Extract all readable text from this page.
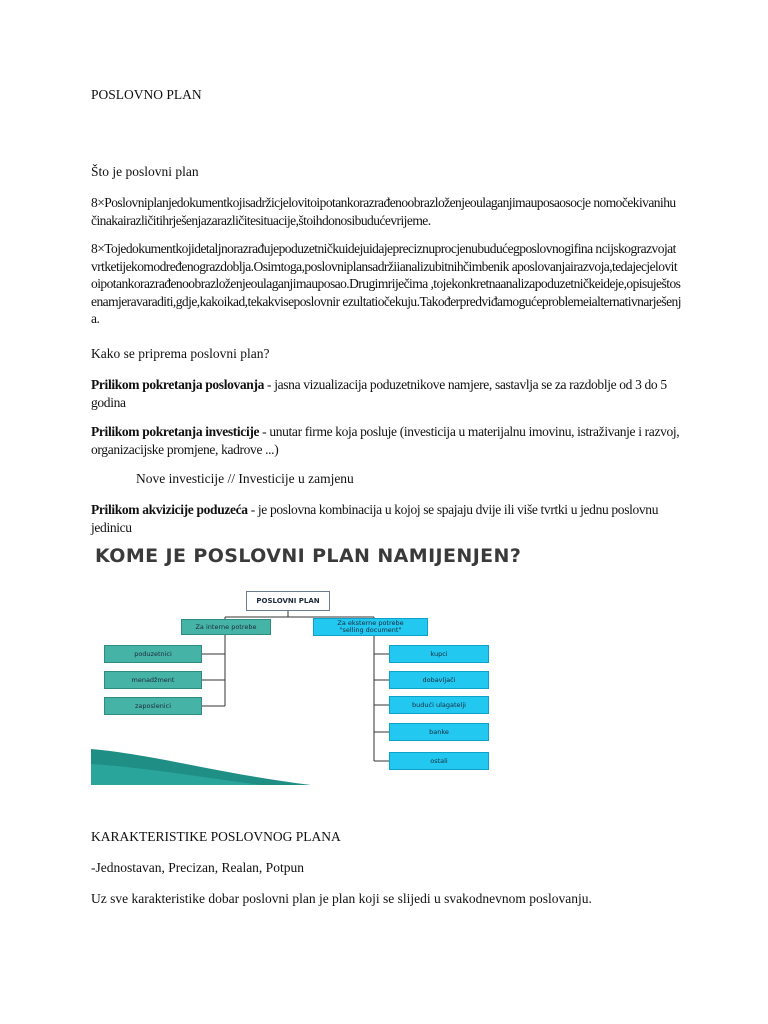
POSLOVNO PLAN

Što je poslovni plan

8×Poslovniplanjedokumentkojisadržicjelovitoipotankorazrađenoobrazloženjeoulaganjimauposaosocje nomočekivanihučinakairazličitihrješenjazarazličitesituacije,štoihdonosibudućevrijeme.

8×Tojedokumentkojidetaljnorazrađujepoduzetničkuidejuidajepreciznuprocjenubudućegposlovnogifina ncijskograzvojatvrtketijekomodređenograzdoblja.Osimtoga,poslovniplansadržiianalizubitnihčimbenik aposlovanjairazvoja,tedajecjelovitoipotankorazrađenoobrazloženjeoulaganjimauposao.Drugimriječima ,tojekonkretnaanalizapoduzetničkeideje,opisuještosenamjeravaraditi,gdje,kakoikad,tekakviseposlovnir ezultatiočekuju.Takođerpredviđamogućeproblemeialternativnarješenja.

Kako se priprema poslovni plan?

Prilikom pokretanja poslovanja - jasna vizualizacija poduzetnikove namjere, sastavlja se za razdoblje od 3 do 5 godina

Prilikom pokretanja investicije - unutar firme koja posluje (investicija u materijalnu imovinu, istraživanje i razvoj, organizacijske promjene, kadrove ...)

Nove investicije // Investicije u zamjenu

Prilikom akvizicije poduzeća - je poslovna kombinacija u kojoj se spajaju dvije ili više tvrtki u jednu poslovnu jedinicu

KOME JE POSLOVNI PLAN NAMIJENJEN?

POSLOVNI PLAN
Za interne potrebe	Za eksterne potrebe
"selling document"
poduzetnici
menadžment
zaposlenici
kupci
dobavljači
budući ulagatelji
banke
ostali

KARAKTERISTIKE POSLOVNOG PLANA

-Jednostavan, Precizan, Realan, Potpun

Uz sve karakteristike dobar poslovni plan je plan koji se slijedi u svakodnevnom poslovanju.
